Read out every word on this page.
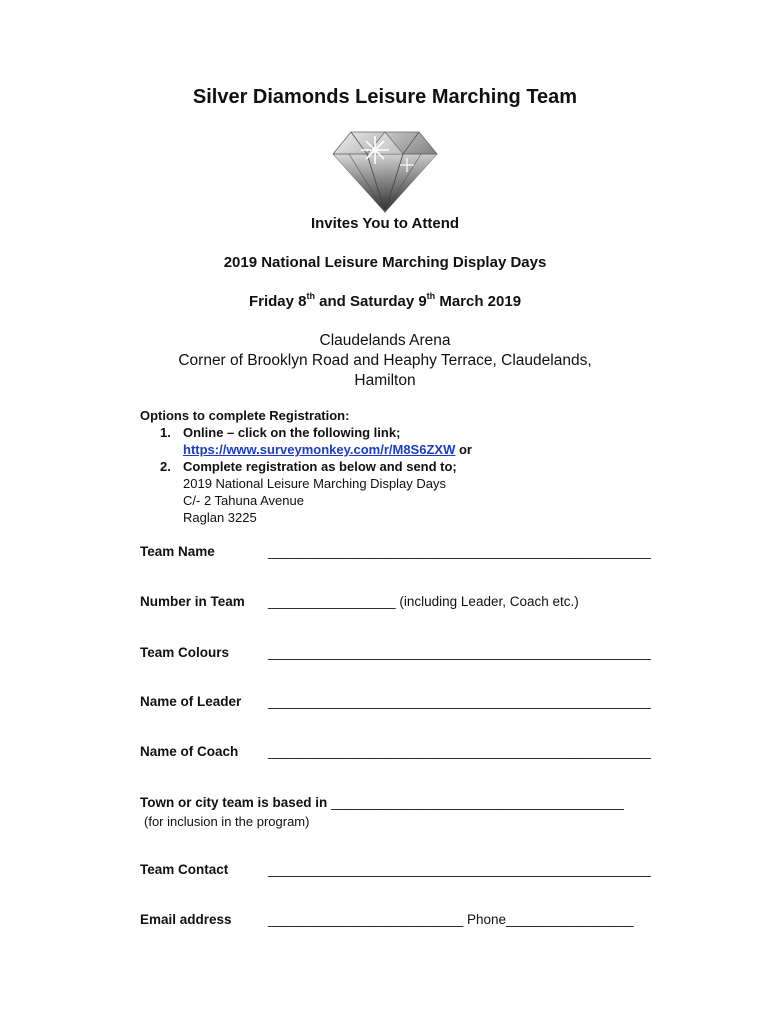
Silver Diamonds Leisure Marching Team
Invites You to Attend
2019 National Leisure Marching Display Days
Friday 8th and Saturday 9th March 2019
Claudelands Arena
Corner of Brooklyn Road and Heaphy Terrace, Claudelands,
Hamilton
Options to complete Registration:
1. Online – click on the following link;
https://www.surveymonkey.com/r/M8S6ZXW or
2. Complete registration as below and send to;
2019 National Leisure Marching Display Days
C/- 2 Tahuna Avenue
Raglan 3225
Team Name	___________________________________________________
Number in Team _________________ (including Leader, Coach etc.)
Team Colours	___________________________________________________
Name of Leader ___________________________________________________
Name of Coach ___________________________________________________
Town or city team is based in _______________________________________
(for inclusion in the program)
Team Contact	___________________________________________________
Email address	__________________________ Phone_________________
